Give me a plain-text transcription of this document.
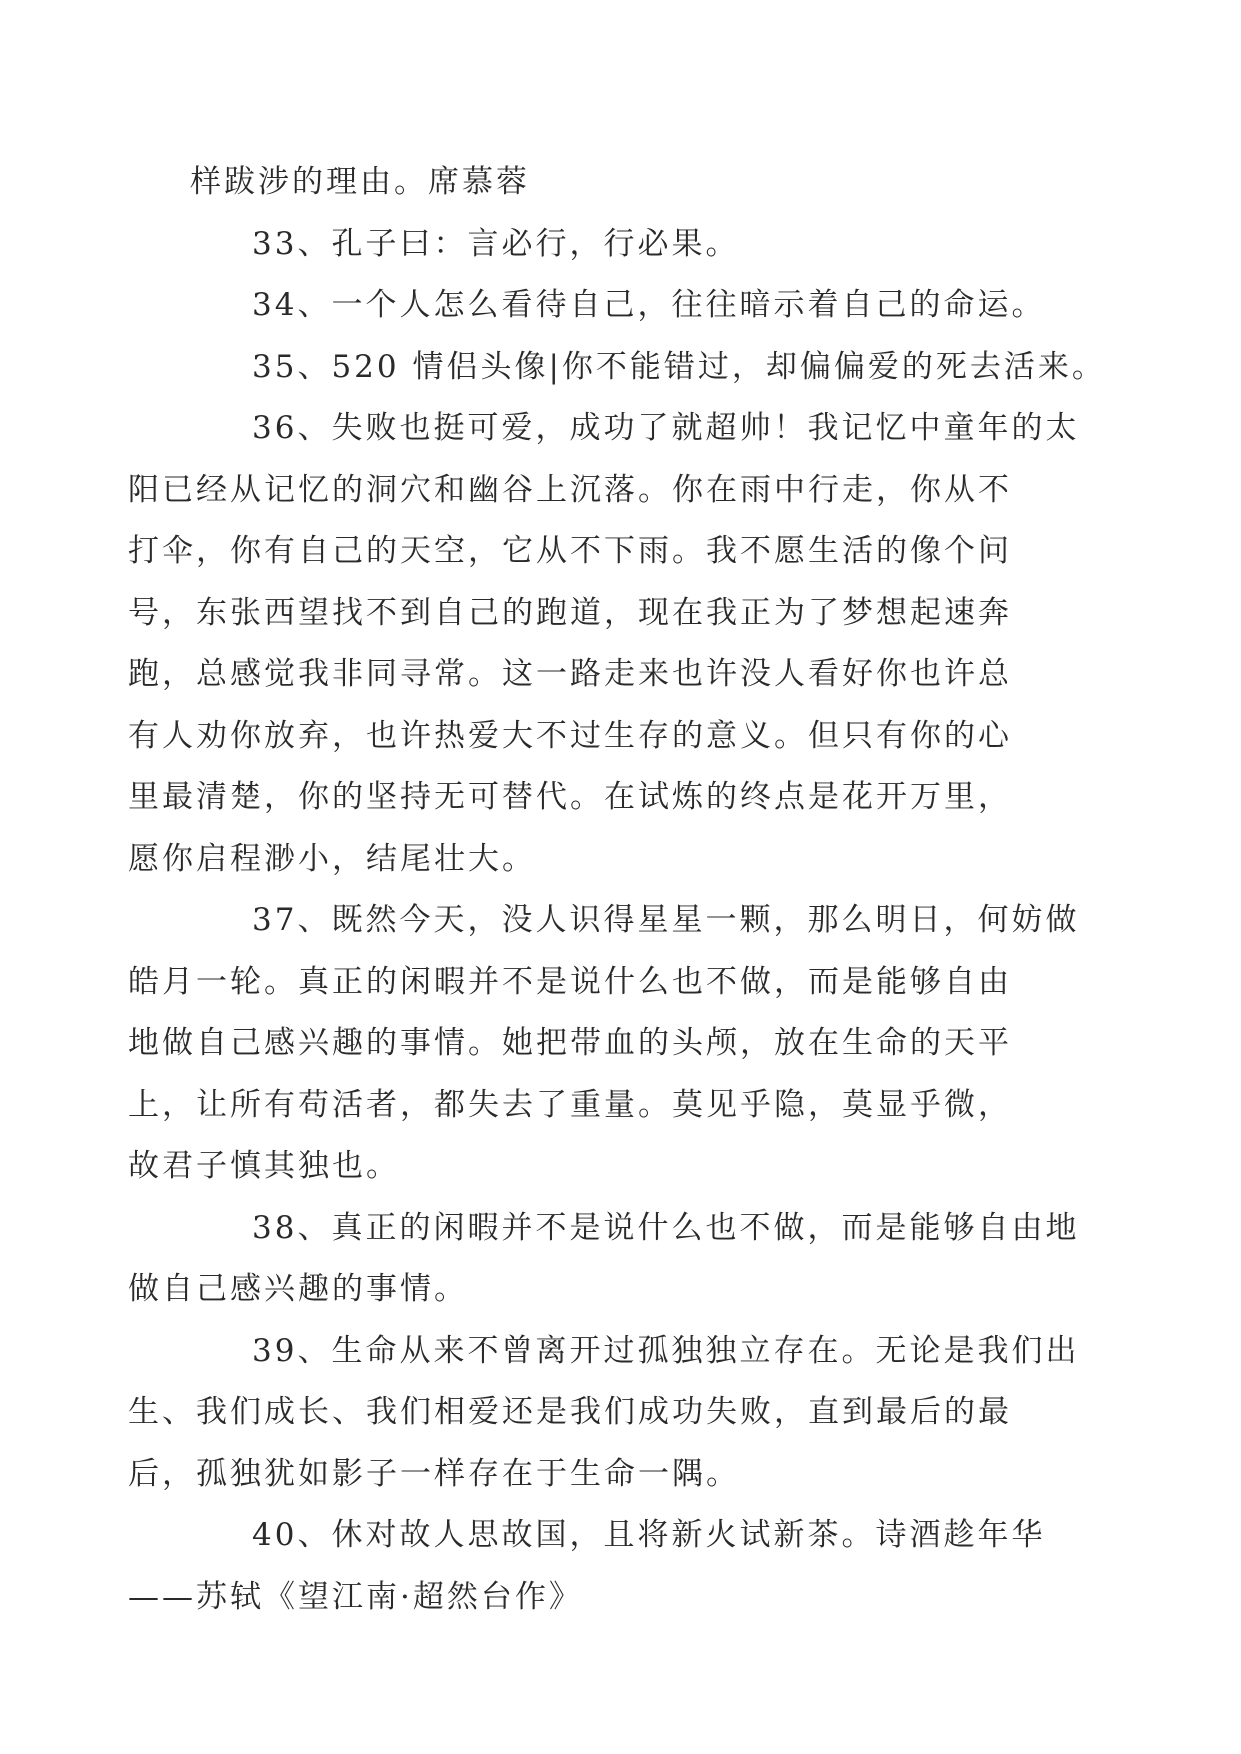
样跋涉的理由。席慕蓉

33、孔子曰：言必行，行必果。

34、一个人怎么看待自己，往往暗示着自己的命运。

35、520 情侣头像|你不能错过，却偏偏爱的死去活来。

36、失败也挺可爱，成功了就超帅！我记忆中童年的太
阳已经从记忆的洞穴和幽谷上沉落。你在雨中行走，你从不
打伞，你有自己的天空，它从不下雨。我不愿生活的像个问
号，东张西望找不到自己的跑道，现在我正为了梦想起速奔
跑，总感觉我非同寻常。这一路走来也许没人看好你也许总
有人劝你放弃，也许热爱大不过生存的意义。但只有你的心
里最清楚，你的坚持无可替代。在试炼的终点是花开万里，
愿你启程渺小，结尾壮大。

37、既然今天，没人识得星星一颗，那么明日，何妨做
皓月一轮。真正的闲暇并不是说什么也不做，而是能够自由
地做自己感兴趣的事情。她把带血的头颅，放在生命的天平
上，让所有苟活者，都失去了重量。莫见乎隐，莫显乎微，
故君子慎其独也。

38、真正的闲暇并不是说什么也不做，而是能够自由地
做自己感兴趣的事情。

39、生命从来不曾离开过孤独独立存在。无论是我们出
生、我们成长、我们相爱还是我们成功失败，直到最后的最
后，孤独犹如影子一样存在于生命一隅。

40、休对故人思故国，且将新火试新茶。诗酒趁年华
——苏轼《望江南·超然台作》
